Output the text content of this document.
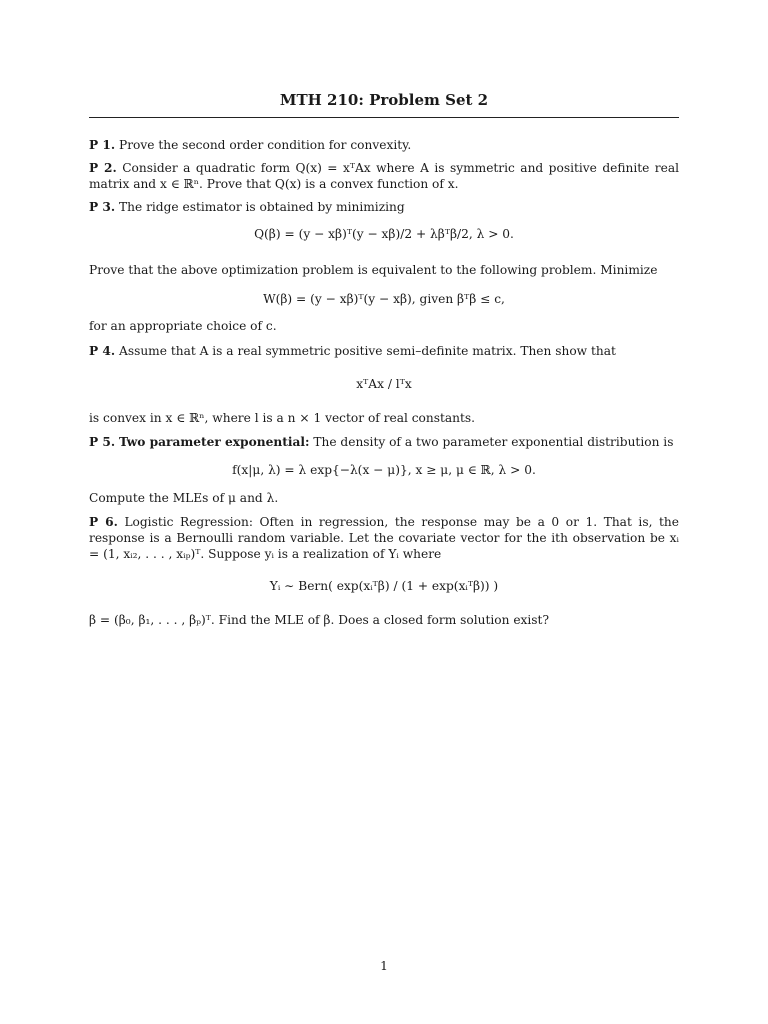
MTH 210: Problem Set 2

P 1. Prove the second order condition for convexity.

P 2. Consider a quadratic form Q(x) = xᵀAx where A is symmetric and positive definite real matrix and x ∈ ℝⁿ. Prove that Q(x) is a convex function of x.

P 3. The ridge estimator is obtained by minimizing

Q(β) = (y − xβ)ᵀ(y − xβ)/2 + λβᵀβ/2, λ > 0.

Prove that the above optimization problem is equivalent to the following problem. Minimize

W(β) = (y − xβ)ᵀ(y − xβ), given βᵀβ ≤ c,

for an appropriate choice of c.

P 4. Assume that A is a real symmetric positive semi–definite matrix. Then show that

xᵀAx / lᵀx

is convex in x ∈ ℝⁿ, where l is a n × 1 vector of real constants.

P 5. Two parameter exponential: The density of a two parameter exponential distribution is

f(x|μ, λ) = λ exp{−λ(x − μ)}, x ≥ μ, μ ∈ ℝ, λ > 0.

Compute the MLEs of μ and λ.

P 6. Logistic Regression: Often in regression, the response may be a 0 or 1. That is, the response is a Bernoulli random variable. Let the covariate vector for the ith observation be xᵢ = (1, xᵢ₂, . . . , xᵢₚ)ᵀ. Suppose yᵢ is a realization of Yᵢ where

Yᵢ ∼ Bern( exp(xᵢᵀβ) / (1 + exp(xᵢᵀβ)) )

β = (β₀, β₁, . . . , βₚ)ᵀ. Find the MLE of β. Does a closed form solution exist?

1
